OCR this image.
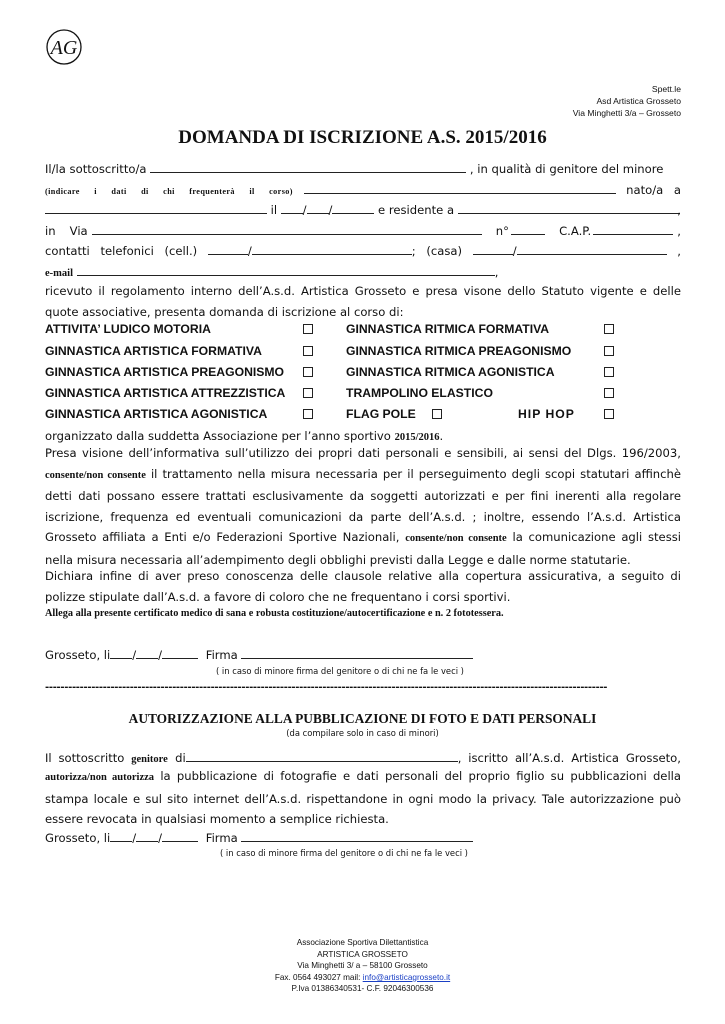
AG
Spett.le
Asd Artistica Grosseto
Via Minghetti 3/a – Grosseto
DOMANDA DI ISCRIZIONE A.S. 2015/2016
Il/la sottoscritto/a	, in qualità di genitore del minore
(indicare i dati di chi frequenterà il corso)	nato/a a
il	/ /	e residente a	,
in Via	n°	C.A.P.	,
contatti telefonici (cell.)	/	; (casa)	/	,
e-mail	,
ricevuto il regolamento interno dell’A.s.d. Artistica Grosseto e presa visone dello Statuto vigente e delle quote associative, presenta domanda di iscrizione al corso di:
ATTIVITA’ LUDICO MOTORIA	GINNASTICA RITMICA FORMATIVA
GINNASTICA ARTISTICA FORMATIVA	GINNASTICA RITMICA PREAGONISMO
GINNASTICA ARTISTICA PREAGONISMO	GINNASTICA RITMICA AGONISTICA
GINNASTICA ARTISTICA ATTREZZISTICA	TRAMPOLINO ELASTICO
GINNASTICA ARTISTICA AGONISTICA	FLAG POLE	HIP HOP
organizzato dalla suddetta Associazione per l’anno sportivo 2015/2016.
Presa visione dell’informativa sull’utilizzo dei propri dati personali e sensibili, ai sensi del Dlgs. 196/2003, consente/non consente il trattamento nella misura necessaria per il perseguimento degli scopi statutari affinchè detti dati possano essere trattati esclusivamente da soggetti autorizzati e per fini inerenti alla regolare iscrizione, frequenza ed eventuali comunicazioni da parte dell’A.s.d. ; inoltre, essendo l’A.s.d. Artistica Grosseto affiliata a Enti e/o Federazioni Sportive Nazionali, consente/non consente la comunicazione agli stessi nella misura necessaria all’adempimento degli obblighi previsti dalla Legge e dalle norme statutarie.
Dichiara infine di aver preso conoscenza delle clausole relative alla copertura assicurativa, a seguito di polizze stipulate dall’A.s.d. a favore di coloro che ne frequentano i corsi sportivi.
Allega alla presente certificato medico di sana e robusta costituzione/autocertificazione e n. 2 fototessera.
Grosseto, li / /	Firma
( in caso di minore firma del genitore o di chi ne fa le veci )
--------------------------------------------------------------------------------------------------------------------------------------------------
AUTORIZZAZIONE ALLA PUBBLICAZIONE DI FOTO E DATI PERSONALI
(da compilare solo in caso di minori)
Il sottoscritto genitore di	, iscritto all’A.s.d. Artistica Grosseto,
autorizza/non autorizza la pubblicazione di fotografie e dati personali del proprio figlio su pubblicazioni della stampa locale e sul sito internet dell’A.s.d. rispettandone in ogni modo la privacy. Tale autorizzazione può essere revocata in qualsiasi momento a semplice richiesta.
Grosseto, li / /	Firma
( in caso di minore firma del genitore o di chi ne fa le veci )
Associazione Sportiva Dilettantistica
ARTISTICA GROSSETO
Via Minghetti 3/ a – 58100 Grosseto
Fax. 0564 493027 mail: info@artisticagrosseto.it
P.Iva 01386340531- C.F. 92046300536
